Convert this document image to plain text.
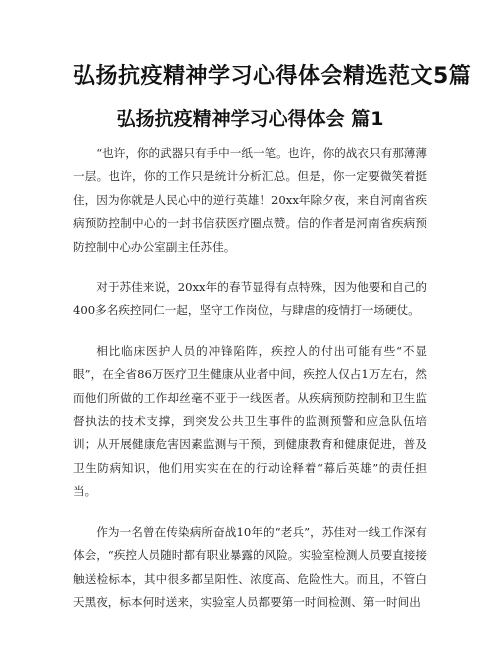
弘扬抗疫精神学习心得体会精选范文5篇
弘扬抗疫精神学习心得体会 篇1

“也许，你的武器只有手中一纸一笔。也许，你的战衣只有那薄薄一层。也许，你的工作只是统计分析汇总。但是，你一定要微笑着挺住，因为你就是人民心中的逆行英雄！20xx年除夕夜，来自河南省疾病预防控制中心的一封书信获医疗圈点赞。信的作者是河南省疾病预防控制中心办公室副主任苏佳。

对于苏佳来说，20xx年的春节显得有点特殊，因为他要和自己的400多名疾控同仁一起，坚守工作岗位，与肆虐的疫情打一场硬仗。

相比临床医护人员的冲锋陷阵，疾控人的付出可能有些“不显眼”，在全省86万医疗卫生健康从业者中间，疾控人仅占1万左右，然而他们所做的工作却丝毫不亚于一线医者。从疾病预防控制和卫生监督执法的技术支撑，到突发公共卫生事件的监测预警和应急队伍培训；从开展健康危害因素监测与干预，到健康教育和健康促进，普及卫生防病知识，他们用实实在在的行动诠释着“幕后英雄”的责任担当。

作为一名曾在传染病所奋战10年的“老兵”，苏佳对一线工作深有体会，“疾控人员随时都有职业暴露的风险。实验室检测人员要直接接触送检标本，其中很多都呈阳性、浓度高、危险性大。而且，不管白天黑夜，标本何时送来，实验室人员都要第一时间检测、第一时间出
